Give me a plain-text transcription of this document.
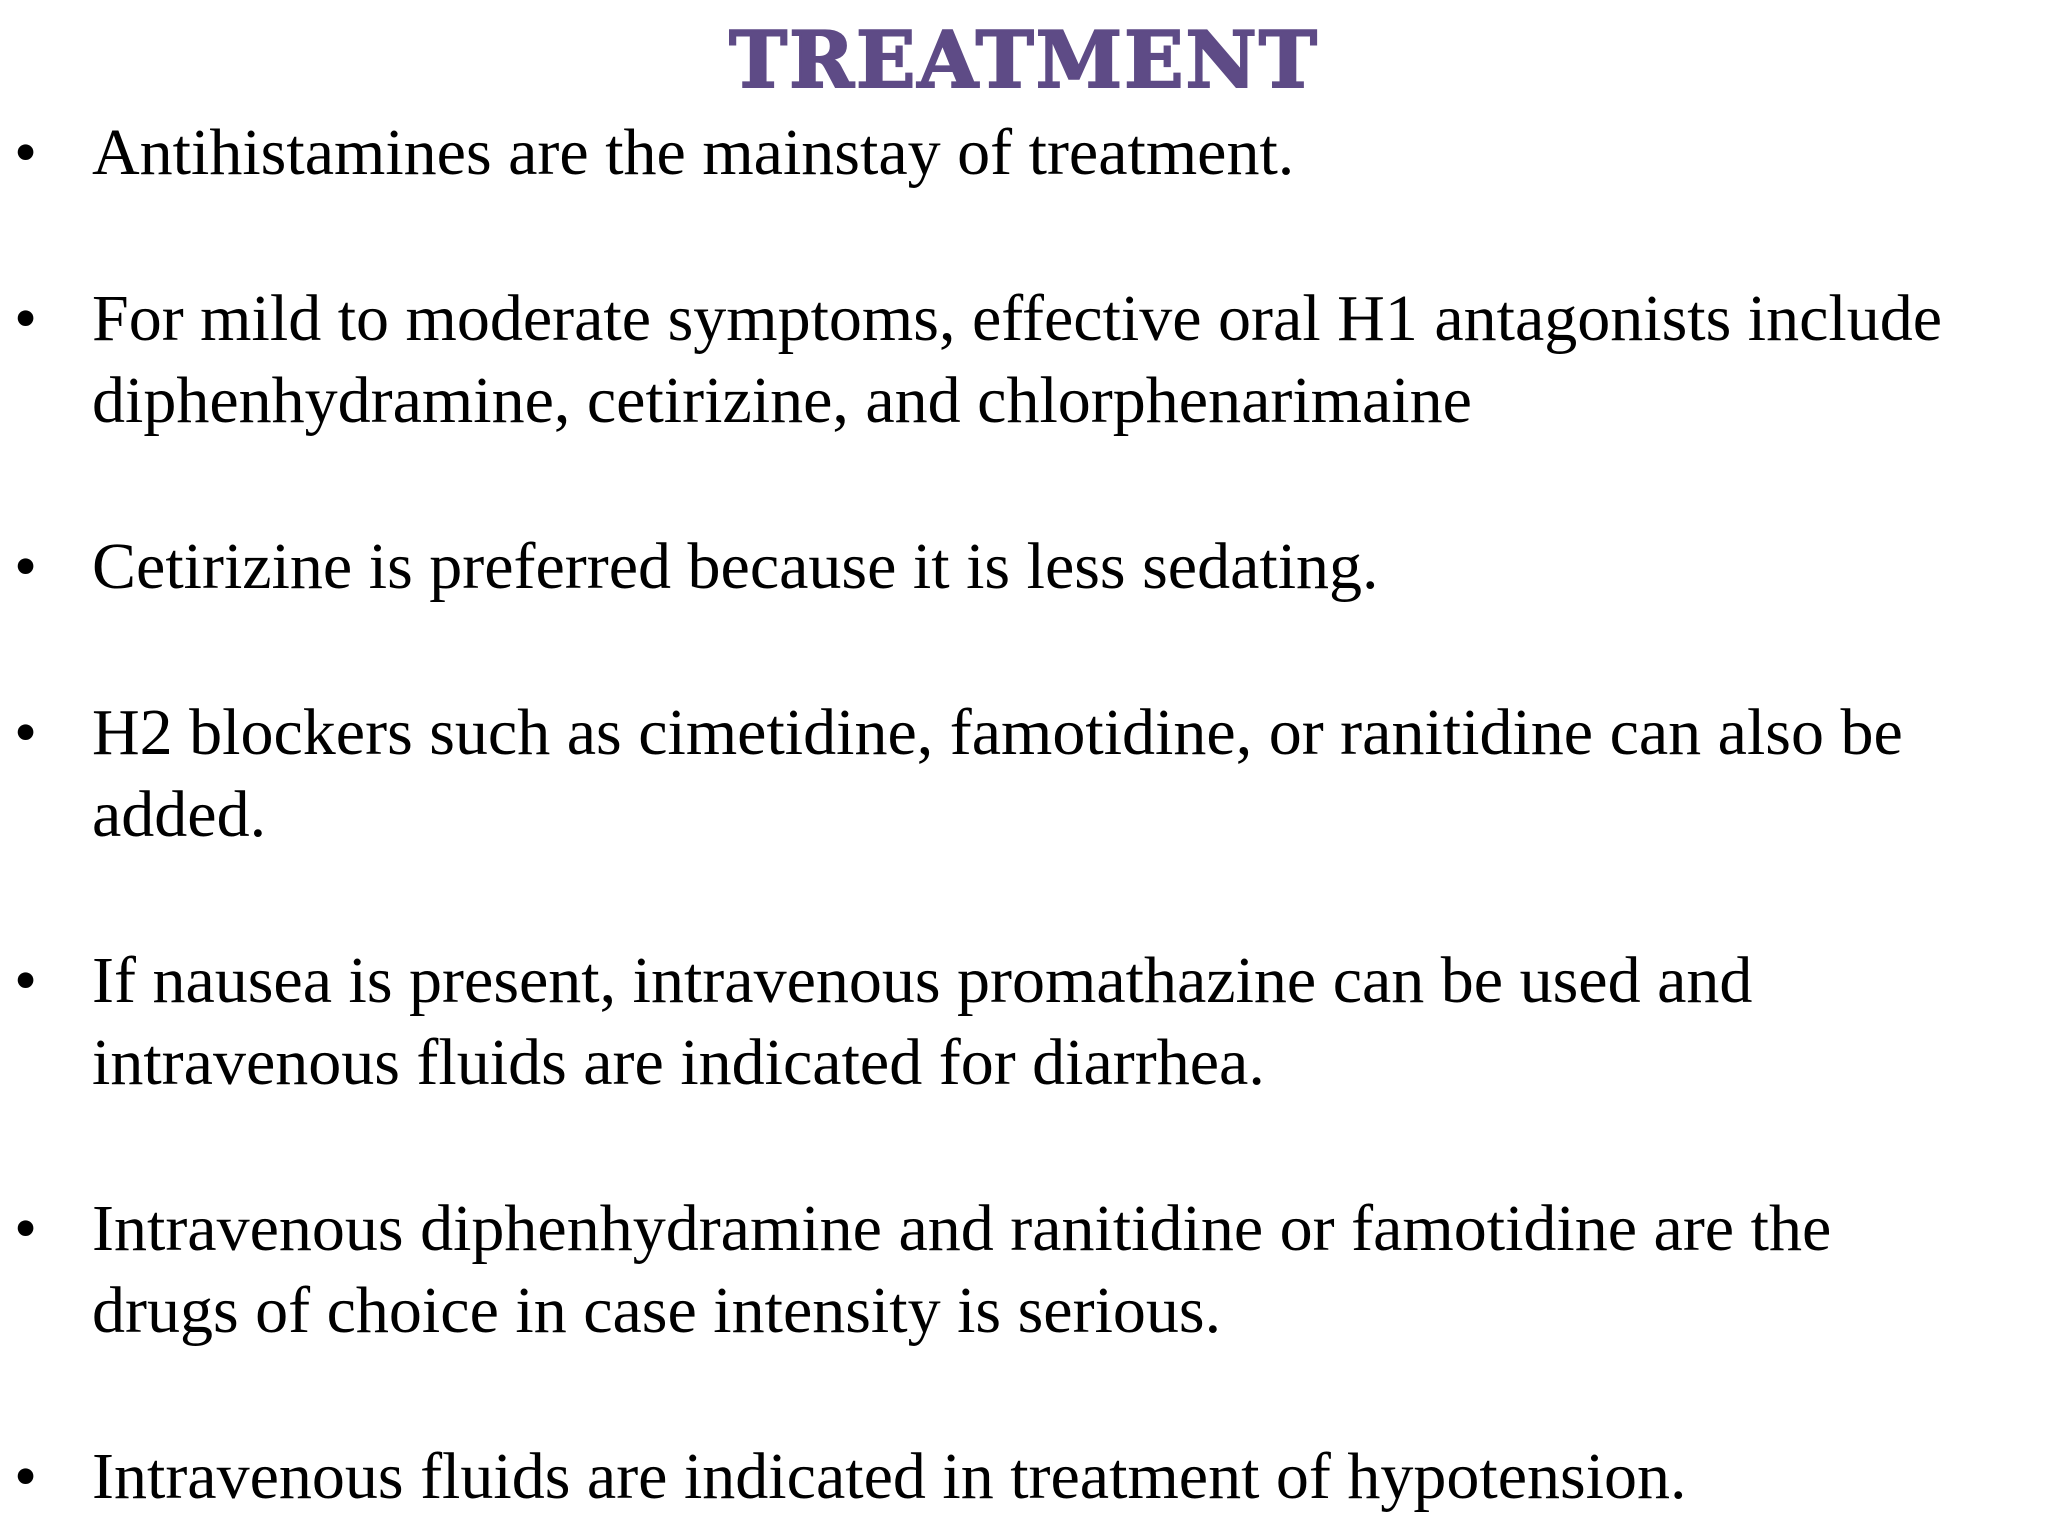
TREATMENT
• Antihistamines are the mainstay of treatment.
• For mild to moderate symptoms, effective oral H1 antagonists include
diphenhydramine, cetirizine, and chlorphenarimaine
• Cetirizine is preferred because it is less sedating.
• H2 blockers such as cimetidine, famotidine, or ranitidine can also be
added.
• If nausea is present, intravenous promathazine can be used and
intravenous fluids are indicated for diarrhea.
• Intravenous diphenhydramine and ranitidine or famotidine are the
drugs of choice in case intensity is serious.
• Intravenous fluids are indicated in treatment of hypotension.
